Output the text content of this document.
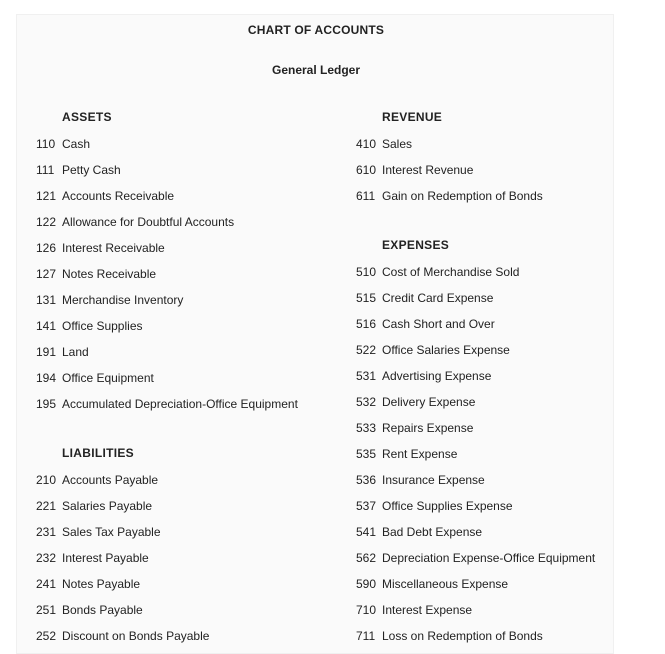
CHART OF ACCOUNTS
General Ledger
ASSETS
110 Cash
111 Petty Cash
121 Accounts Receivable
122 Allowance for Doubtful Accounts
126 Interest Receivable
127 Notes Receivable
131 Merchandise Inventory
141 Office Supplies
191 Land
194 Office Equipment
195 Accumulated Depreciation-Office Equipment
LIABILITIES
210 Accounts Payable
221 Salaries Payable
231 Sales Tax Payable
232 Interest Payable
241 Notes Payable
251 Bonds Payable
252 Discount on Bonds Payable
REVENUE
410 Sales
610 Interest Revenue
611 Gain on Redemption of Bonds
EXPENSES
510 Cost of Merchandise Sold
515 Credit Card Expense
516 Cash Short and Over
522 Office Salaries Expense
531 Advertising Expense
532 Delivery Expense
533 Repairs Expense
535 Rent Expense
536 Insurance Expense
537 Office Supplies Expense
541 Bad Debt Expense
562 Depreciation Expense-Office Equipment
590 Miscellaneous Expense
710 Interest Expense
711 Loss on Redemption of Bonds
